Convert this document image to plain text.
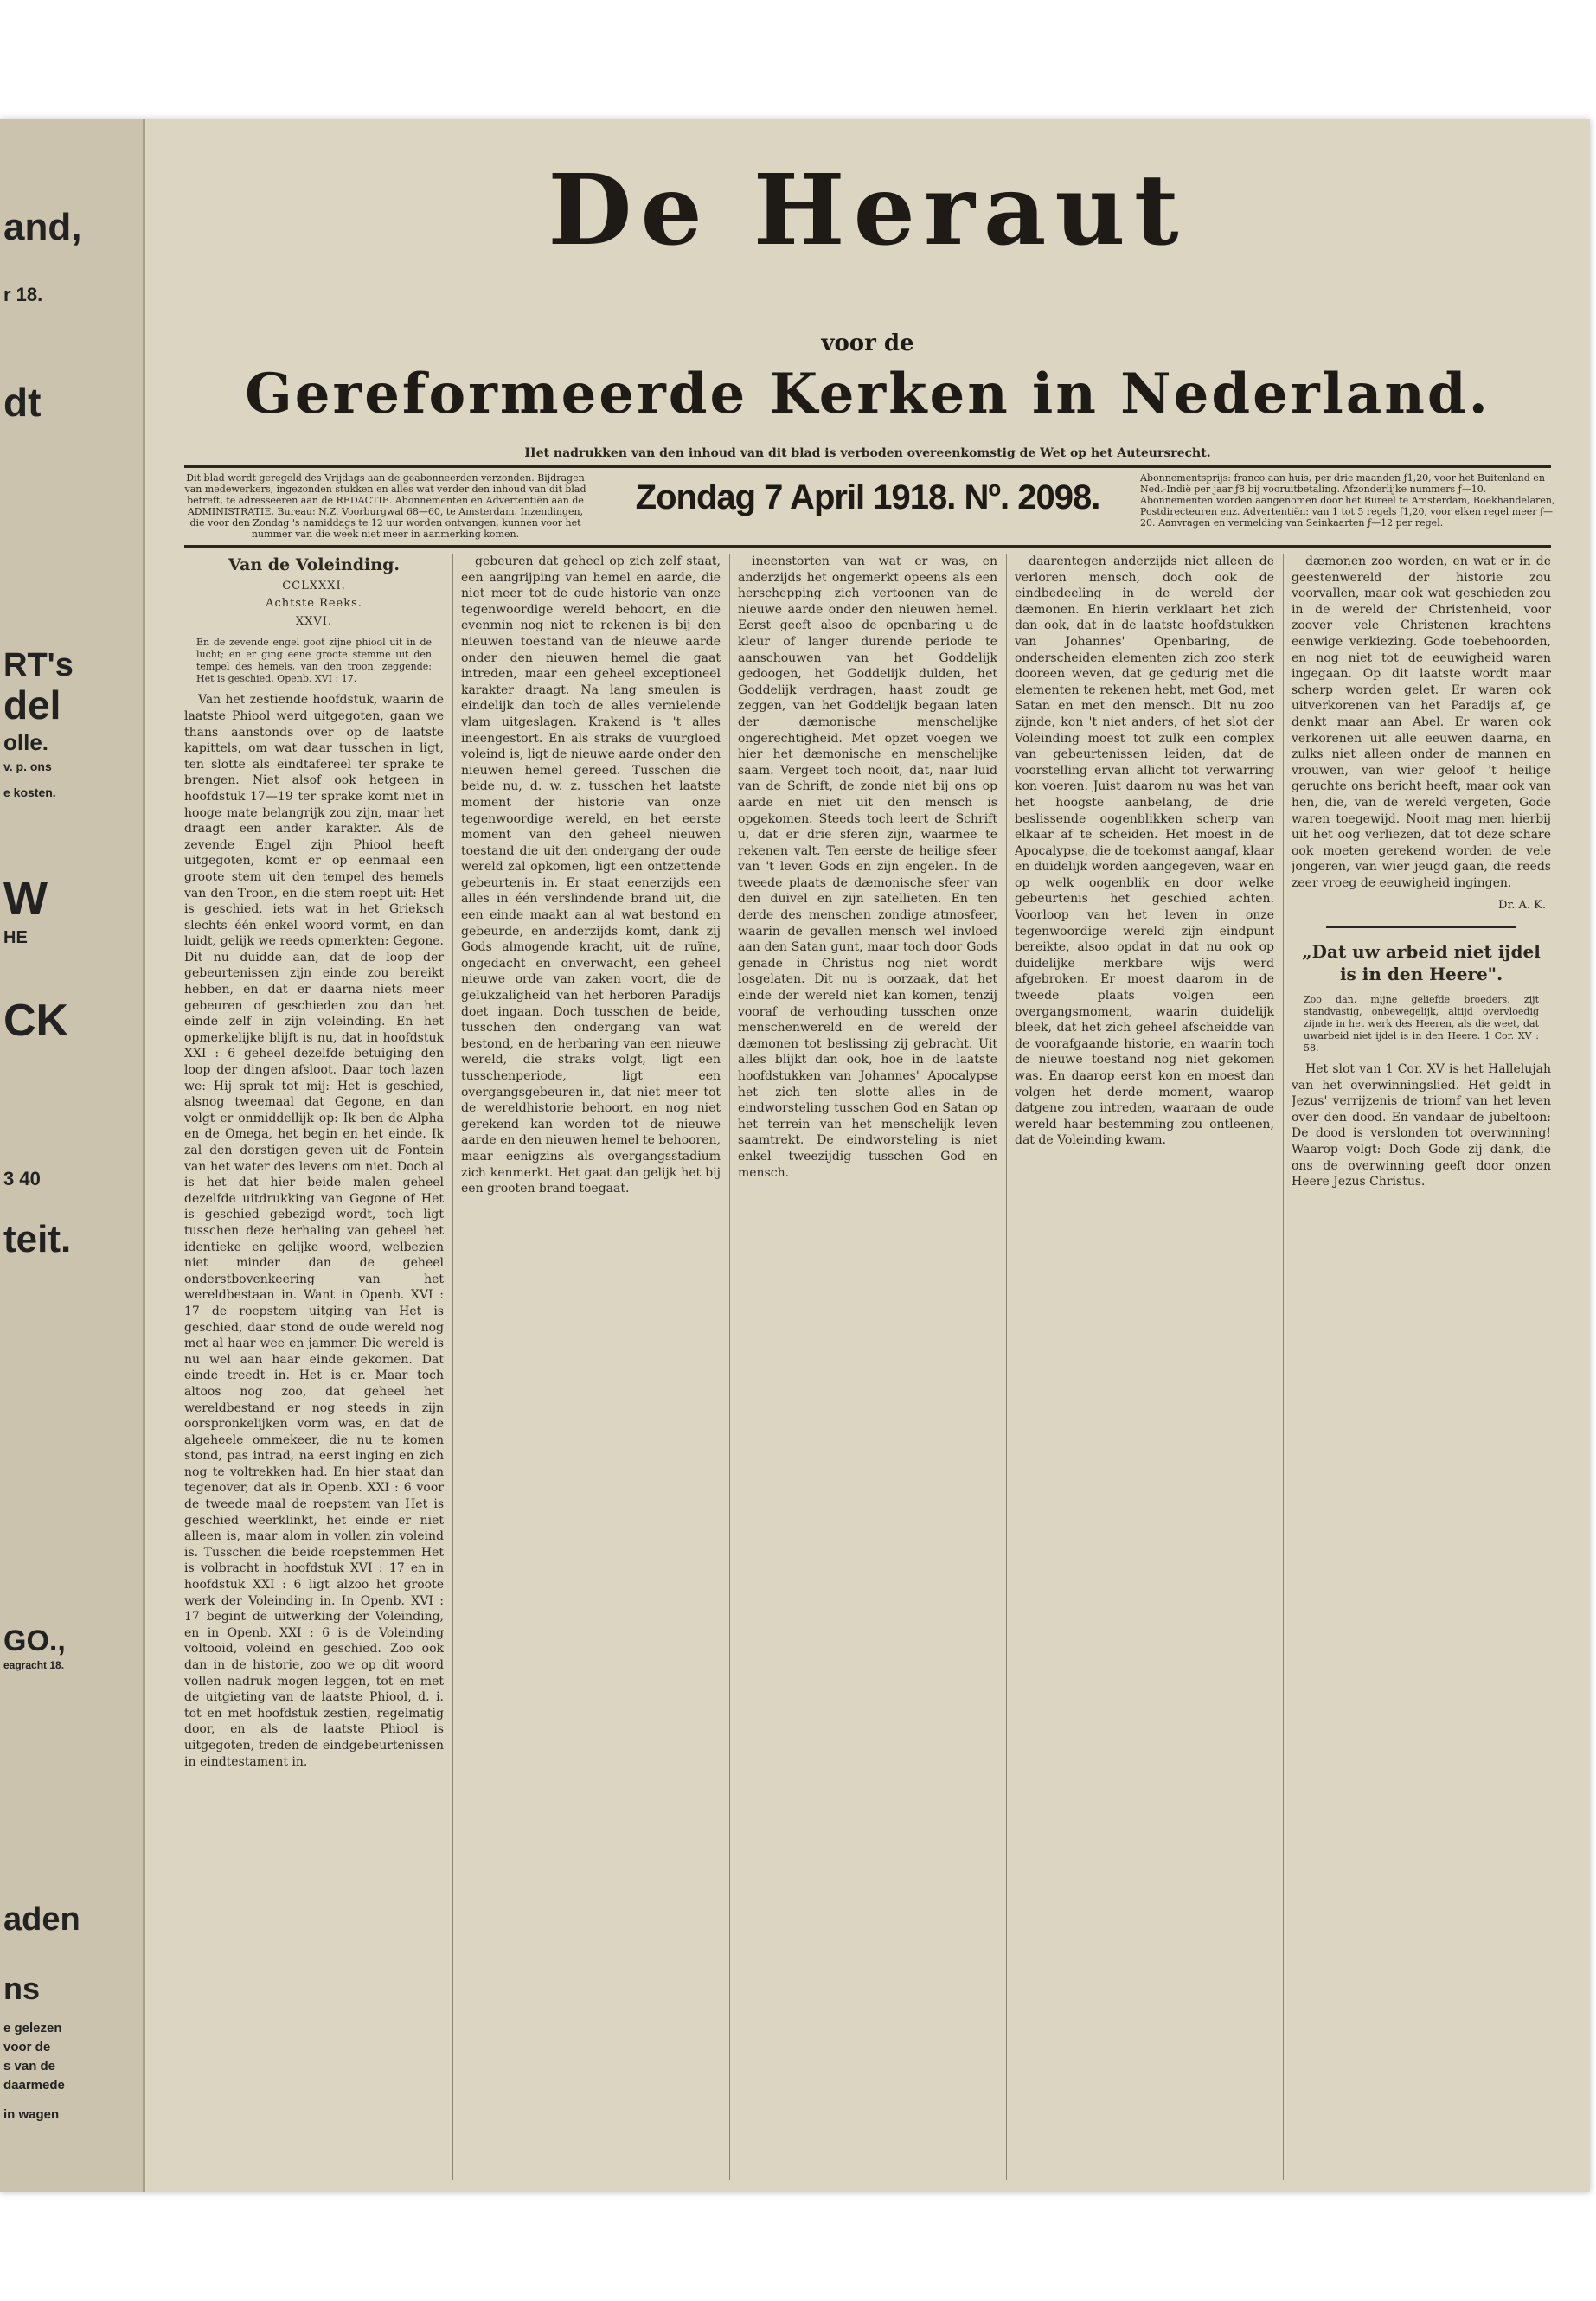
and,
r 18.
dt
RT's
del
olle.
v. p. ons
e kosten.
W
HE
CK
3 40
teit.
GO.,
eagracht 18.
aden
ns
e gelezen
voor de
s van de
daarmede
in wagen
De Heraut
voor de
Gereformeerde Kerken in Nederland.
Het nadrukken van den inhoud van dit blad is verboden overeenkomstig de Wet op het Auteursrecht.
Dit blad wordt geregeld des Vrijdags aan de geabonneerden verzonden. Bijdragen van medewerkers, ingezonden stukken en alles wat verder den inhoud van dit blad betreft, te adresseeren aan de REDACTIE. Abonnementen en Advertentiën aan de ADMINISTRATIE. Bureau: N.Z. Voorburgwal 68—60, te Amsterdam. Inzendingen, die voor den Zondag 's namiddags te 12 uur worden ontvangen, kunnen voor het nummer van die week niet meer in aanmerking komen.
Zondag 7 April 1918. Nº. 2098.
Abonnementsprijs: franco aan huis, per drie maanden ƒ1,20, voor het Buitenland en Ned.-Indië per jaar ƒ8 bij vooruitbetaling. Afzonderlijke nummers ƒ—10. Abonnementen worden aangenomen door het Bureel te Amsterdam, Boekhandelaren, Postdirecteuren enz. Advertentiën: van 1 tot 5 regels ƒ1,20, voor elken regel meer ƒ—20. Aanvragen en vermelding van Seinkaarten ƒ—12 per regel.
Van de Voleinding.
CCLXXXI.
Achtste Reeks.
XXVI.
En de zevende engel goot zijne phiool uit in de lucht; en er ging eene groote stemme uit den tempel des hemels, van den troon, zeggende: Het is geschied. Openb. XVI : 17.

Van het zestiende hoofdstuk, waarin de laatste Phiool werd uitgegoten, gaan we thans aanstonds over op de laatste kapittels, om wat daar tusschen in ligt, ten slotte als eindtafereel ter sprake te brengen. Niet alsof ook hetgeen in hoofdstuk 17—19 ter sprake komt niet in hooge mate belangrijk zou zijn, maar het draagt een ander karakter. Als de zevende Engel zijn Phiool heeft uitgegoten, komt er op eenmaal een groote stem uit den tempel des hemels van den Troon, en die stem roept uit: Het is geschied, iets wat in het Grieksch slechts één enkel woord vormt, en dan luidt, gelijk we reeds opmerkten: Gegone. Dit nu duidde aan, dat de loop der gebeurtenissen zijn einde zou bereikt hebben, en dat er daarna niets meer gebeuren of geschieden zou dan het einde zelf in zijn voleinding. En het opmerkelijke blijft is nu, dat in hoofdstuk XXI : 6 geheel dezelfde betuiging den loop der dingen afsloot. Daar toch lazen we: Hij sprak tot mij: Het is geschied, alsnog tweemaal dat Gegone, en dan volgt er onmiddellijk op: Ik ben de Alpha en de Omega, het begin en het einde. Ik zal den dorstigen geven uit de Fontein van het water des levens om niet. Doch al is het dat hier beide malen geheel dezelfde uitdrukking van Gegone of Het is geschied gebezigd wordt, toch ligt tusschen deze herhaling van geheel het identieke en gelijke woord, welbezien niet minder dan de geheel onderstbovenkeering van het wereldbestaan in. Want in Openb. XVI : 17 de roepstem uitging van Het is geschied, daar stond de oude wereld nog met al haar wee en jammer. Die wereld is nu wel aan haar einde gekomen. Dat einde treedt in. Het is er. Maar toch altoos nog zoo, dat geheel het wereldbestand er nog steeds in zijn oorspronkelijken vorm was, en dat de algeheele ommekeer, die nu te komen stond, pas intrad, na eerst inging en zich nog te voltrekken had. En hier staat dan tegenover, dat als in Openb. XXI : 6 voor de tweede maal de roepstem van Het is geschied weerklinkt, het einde er niet alleen is, maar alom in vollen zin voleind is. Tusschen die beide roepstemmen Het is volbracht in hoofdstuk XVI : 17 en in hoofdstuk XXI : 6 ligt alzoo het groote werk der Voleinding in. In Openb. XVI : 17 begint de uitwerking der Voleinding, en in Openb. XXI : 6 is de Voleinding voltooid, voleind en geschied. Zoo ook dan in de historie, zoo we op dit woord vollen nadruk mogen leggen, tot en met de uitgieting van de laatste Phiool, d. i. tot en met hoofdstuk zestien, regelmatig door, en als de laatste Phiool is uitgegoten, treden de eindgebeurtenissen in eindtestament in.

gebeuren dat geheel op zich zelf staat, een aangrijping van hemel en aarde, die niet meer tot de oude historie van onze tegenwoordige wereld behoort, en die evenmin nog niet te rekenen is bij den nieuwen toestand van de nieuwe aarde onder den nieuwen hemel die gaat intreden, maar een geheel exceptioneel karakter draagt. Na lang smeulen is eindelijk dan toch de alles vernielende vlam uitgeslagen. Krakend is 't alles ineengestort. En als straks de vuurgloed voleind is, ligt de nieuwe aarde onder den nieuwen hemel gereed. Tusschen die beide nu, d. w. z. tusschen het laatste moment der historie van onze tegenwoordige wereld, en het eerste moment van den geheel nieuwen toestand die uit den ondergang der oude wereld zal opkomen, ligt een ontzettende gebeurtenis in. Er staat eenerzijds een alles in één verslindende brand uit, die een einde maakt aan al wat bestond en gebeurde, en anderzijds komt, dank zij Gods almogende kracht, uit de ruïne, ongedacht en onverwacht, een geheel nieuwe orde van zaken voort, die de gelukzaligheid van het herboren Paradijs doet ingaan. Doch tusschen de beide, tusschen den ondergang van wat bestond, en de herbaring van een nieuwe wereld, die straks volgt, ligt een tusschenperiode, ligt een overgangsgebeuren in, dat niet meer tot de wereldhistorie behoort, en nog niet gerekend kan worden tot de nieuwe aarde en den nieuwen hemel te behooren, maar eenigzins als overgangsstadium zich kenmerkt. Het gaat dan gelijk het bij een grooten brand toegaat.

ineenstorten van wat er was, en anderzijds het ongemerkt opeens als een herschepping zich vertoonen van de nieuwe aarde onder den nieuwen hemel. Eerst geeft alsoo de openbaring u de kleur of langer durende periode te aanschouwen van het Goddelijk gedoogen, het Goddelijk dulden, het Goddelijk verdragen, haast zoudt ge zeggen, van het Goddelijk begaan laten der dæmonische menschelijke ongerechtigheid. Met opzet voegen we hier het dæmonische en menschelijke saam. Vergeet toch nooit, dat, naar luid van de Schrift, de zonde niet bij ons op aarde en niet uit den mensch is opgekomen. Steeds toch leert de Schrift u, dat er drie sferen zijn, waarmee te rekenen valt. Ten eerste de heilige sfeer van 't leven Gods en zijn engelen. In de tweede plaats de dæmonische sfeer van den duivel en zijn satellieten. En ten derde des menschen zondige atmosfeer, waarin de gevallen mensch wel invloed aan den Satan gunt, maar toch door Gods genade in Christus nog niet wordt losgelaten. Dit nu is oorzaak, dat het einde der wereld niet kan komen, tenzij vooraf de verhouding tusschen onze menschenwereld en de wereld der dæmonen tot beslissing zij gebracht. Uit alles blijkt dan ook, hoe in de laatste hoofdstukken van Johannes' Apocalypse het zich ten slotte alles in de eindworsteling tusschen God en Satan op het terrein van het menschelijk leven saamtrekt. De eindworsteling is niet enkel tweezijdig tusschen God en mensch.

daarentegen anderzijds niet alleen de verloren mensch, doch ook de eindbedeeling in de wereld der dæmonen. En hierin verklaart het zich dan ook, dat in de laatste hoofdstukken van Johannes' Openbaring, de onderscheiden elementen zich zoo sterk dooreen weven, dat ge gedurig met die elementen te rekenen hebt, met God, met Satan en met den mensch. Dit nu zoo zijnde, kon 't niet anders, of het slot der Voleinding moest tot zulk een complex van gebeurtenissen leiden, dat de voorstelling ervan allicht tot verwarring kon voeren. Juist daarom nu was het van het hoogste aanbelang, de drie beslissende oogenblikken scherp van elkaar af te scheiden. Het moest in de Apocalypse, die de toekomst aangaf, klaar en duidelijk worden aangegeven, waar en op welk oogenblik en door welke gebeurtenis het geschied achten. Voorloop van het leven in onze tegenwoordige wereld zijn eindpunt bereikte, alsoo opdat in dat nu ook op duidelijke merkbare wijs werd afgebroken. Er moest daarom in de tweede plaats volgen een overgangsmoment, waarin duidelijk bleek, dat het zich geheel afscheidde van de voorafgaande historie, en waarin toch de nieuwe toestand nog niet gekomen was. En daarop eerst kon en moest dan volgen het derde moment, waarop datgene zou intreden, waaraan de oude wereld haar bestemming zou ontleenen, dat de Voleinding kwam.

dæmonen zoo worden, en wat er in de geestenwereld der historie zou voorvallen, maar ook wat geschieden zou in de wereld der Christenheid, voor zoover vele Christenen krachtens eenwige verkiezing. Gode toebehoorden, en nog niet tot de eeuwigheid waren ingegaan. Op dit laatste wordt maar scherp worden gelet. Er waren ook uitverkorenen van het Paradijs af, ge denkt maar aan Abel. Er waren ook verkorenen uit alle eeuwen daarna, en zulks niet alleen onder de mannen en vrouwen, van wier geloof 't heilige geruchte ons bericht heeft, maar ook van hen, die, van de wereld vergeten, Gode waren toegewijd. Nooit mag men hierbij uit het oog verliezen, dat tot deze schare ook moeten gerekend worden de vele jongeren, van wier jeugd gaan, die reeds zeer vroeg de eeuwigheid ingingen.

Dr. A. K.
„Dat uw arbeid niet ijdel is in den Heere".
Zoo dan, mijne geliefde broeders, zijt standvastig, onbewegelijk, altijd overvloedig zijnde in het werk des Heeren, als die weet, dat uwarbeid niet ijdel is in den Heere. 1 Cor. XV : 58.

Het slot van 1 Cor. XV is het Hallelujah van het overwinningslied. Het geldt in Jezus' verrijzenis de triomf van het leven over den dood. En vandaar de jubeltoon: De dood is verslonden tot overwinning! Waarop volgt: Doch Gode zij dank, die ons de overwinning geeft door onzen Heere Jezus Christus.
